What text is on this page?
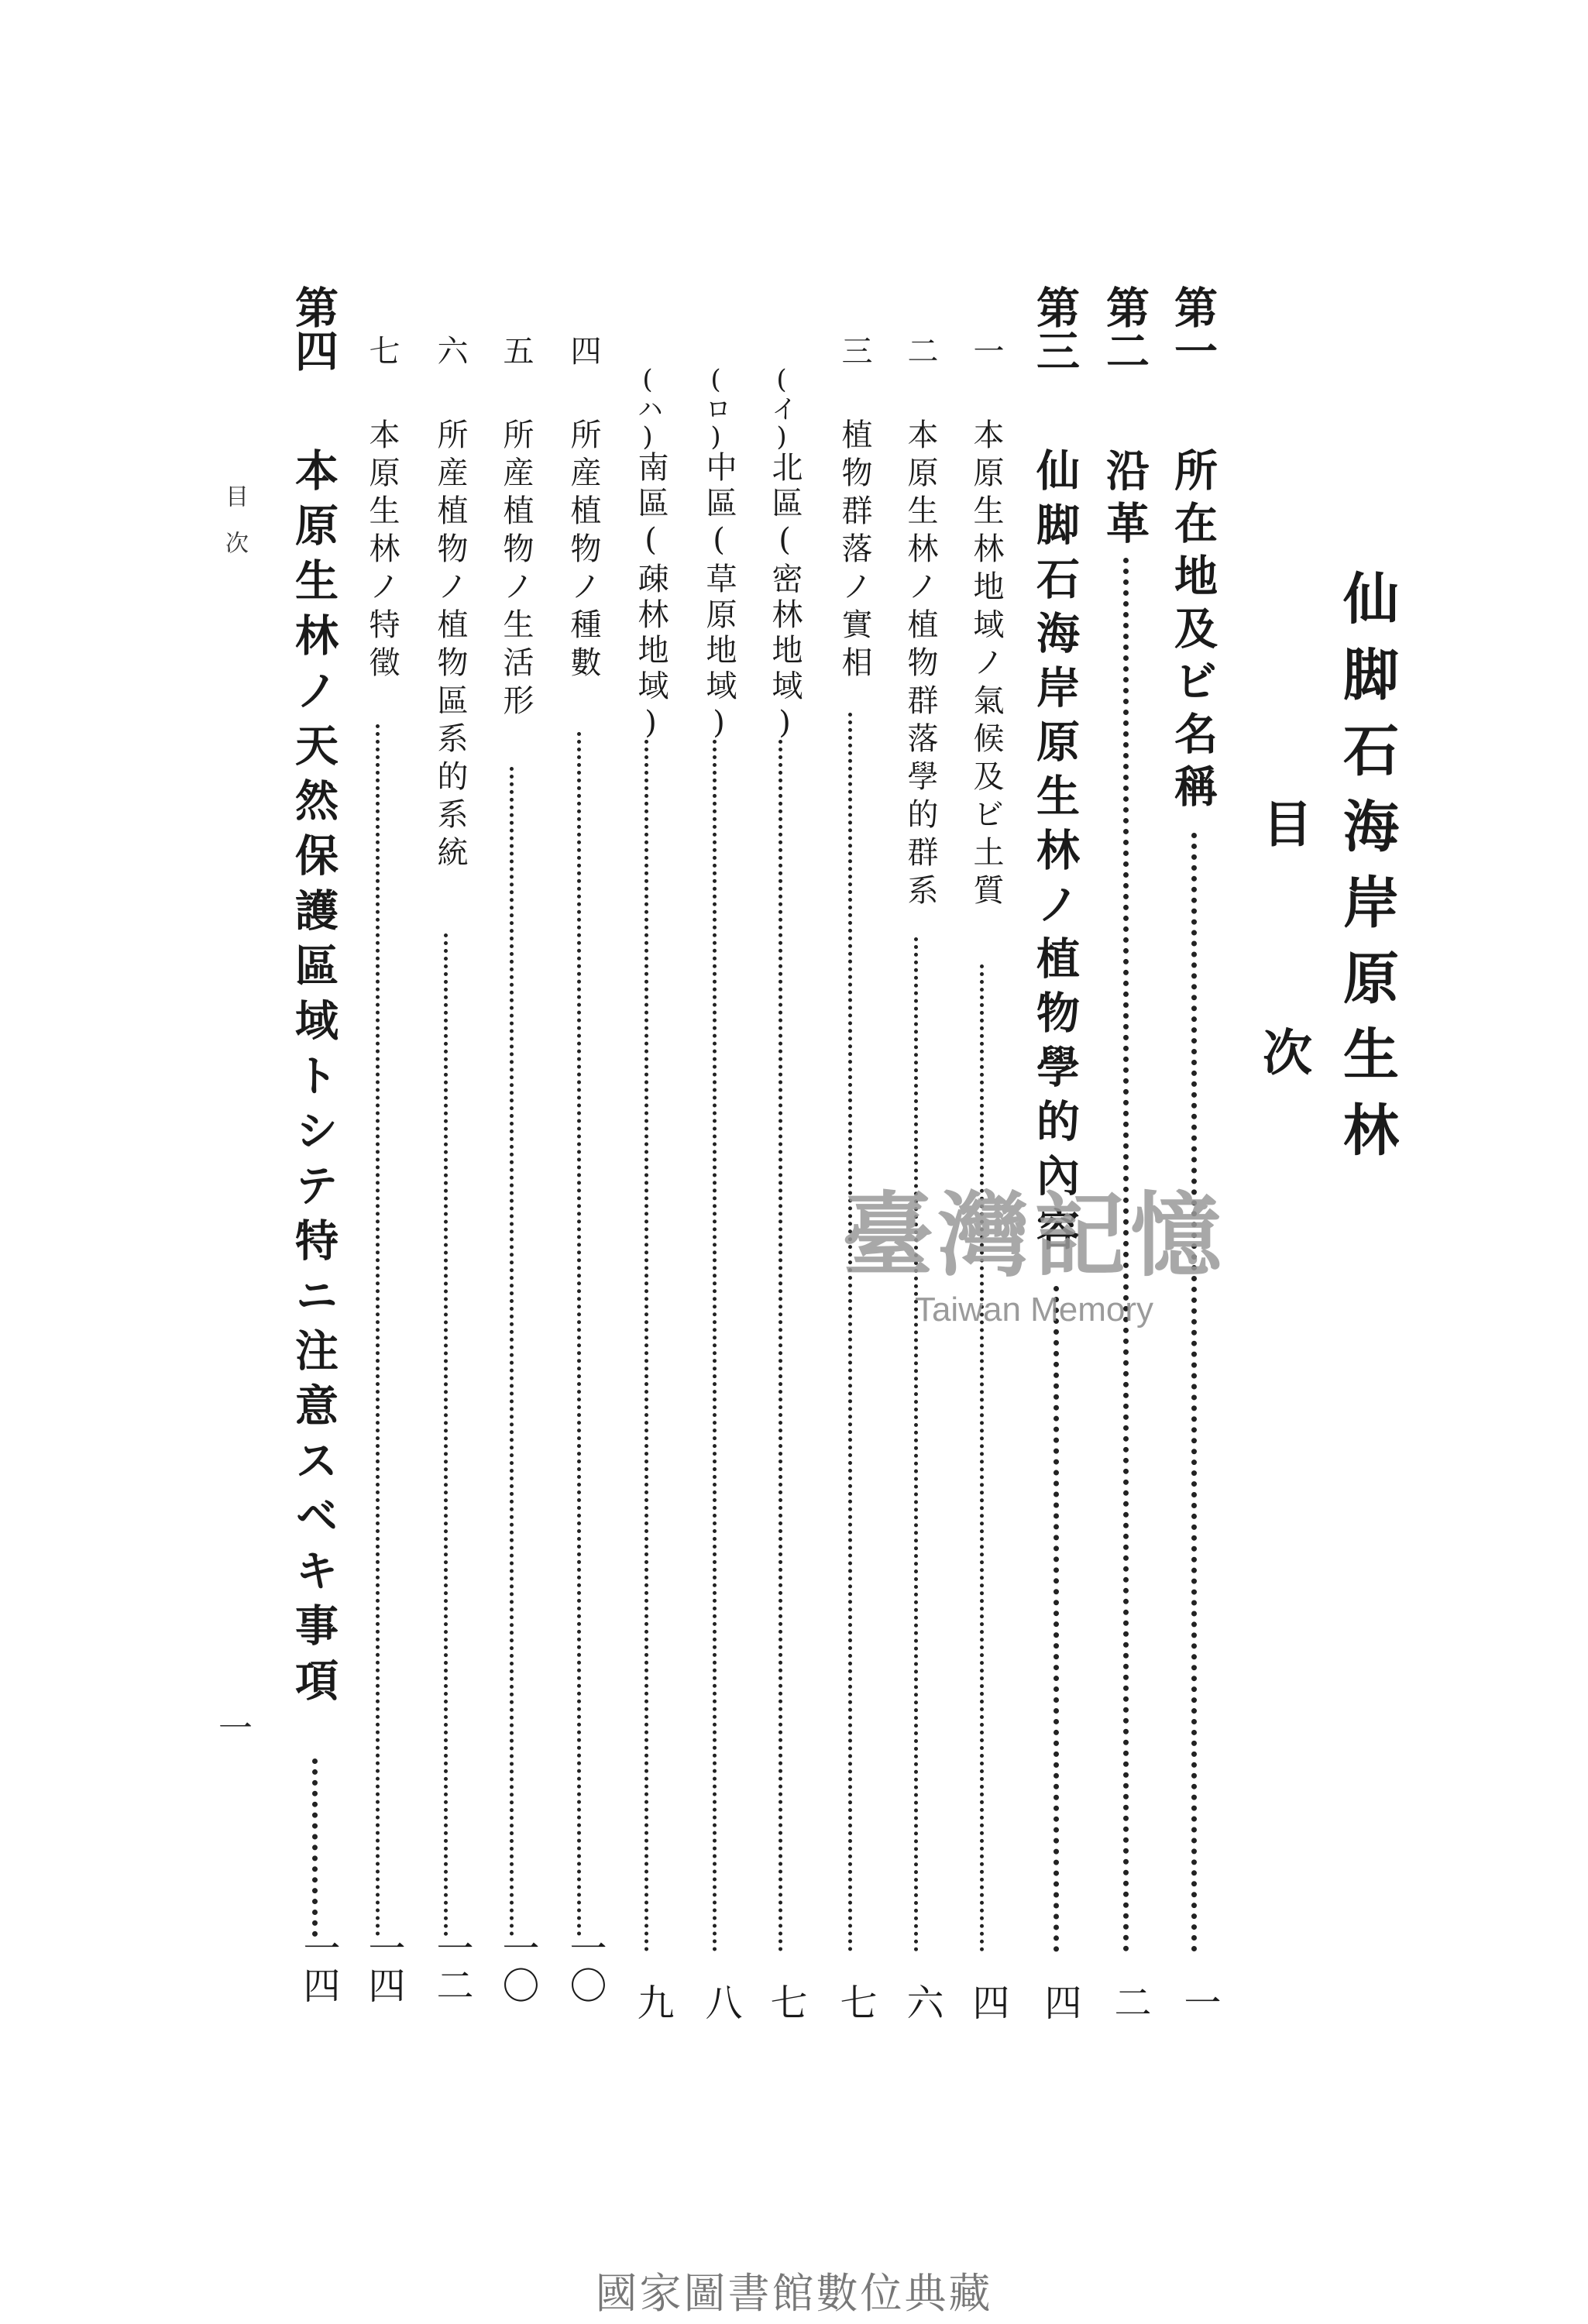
仙脚石海岸原生林
目
次
第一
所在地及ビ名稱
一
第二
沿革
二
第三
仙脚石海岸原生林ノ植物學的內容
四
一
本原生林地域ノ氣候及ビ土質
四
二
本原生林ノ植物群落學的群系
六
三
植物群落ノ實相
七
(イ)
北區(密林地域)
七
(ロ)
中區(草原地域)
八
(ハ)
南區(疎林地域)
九
四
所産植物ノ種數
一〇
五
所産植物ノ生活形
一〇
六
所産植物ノ植物區系的系統
一二
七
本原生林ノ特徵
一四
第四
本原生林ノ天然保護區域トシテ特ニ注意スベキ事項
一四
目　次
一
臺灣記憶
Taiwan Memory
國家圖書館數位典藏
